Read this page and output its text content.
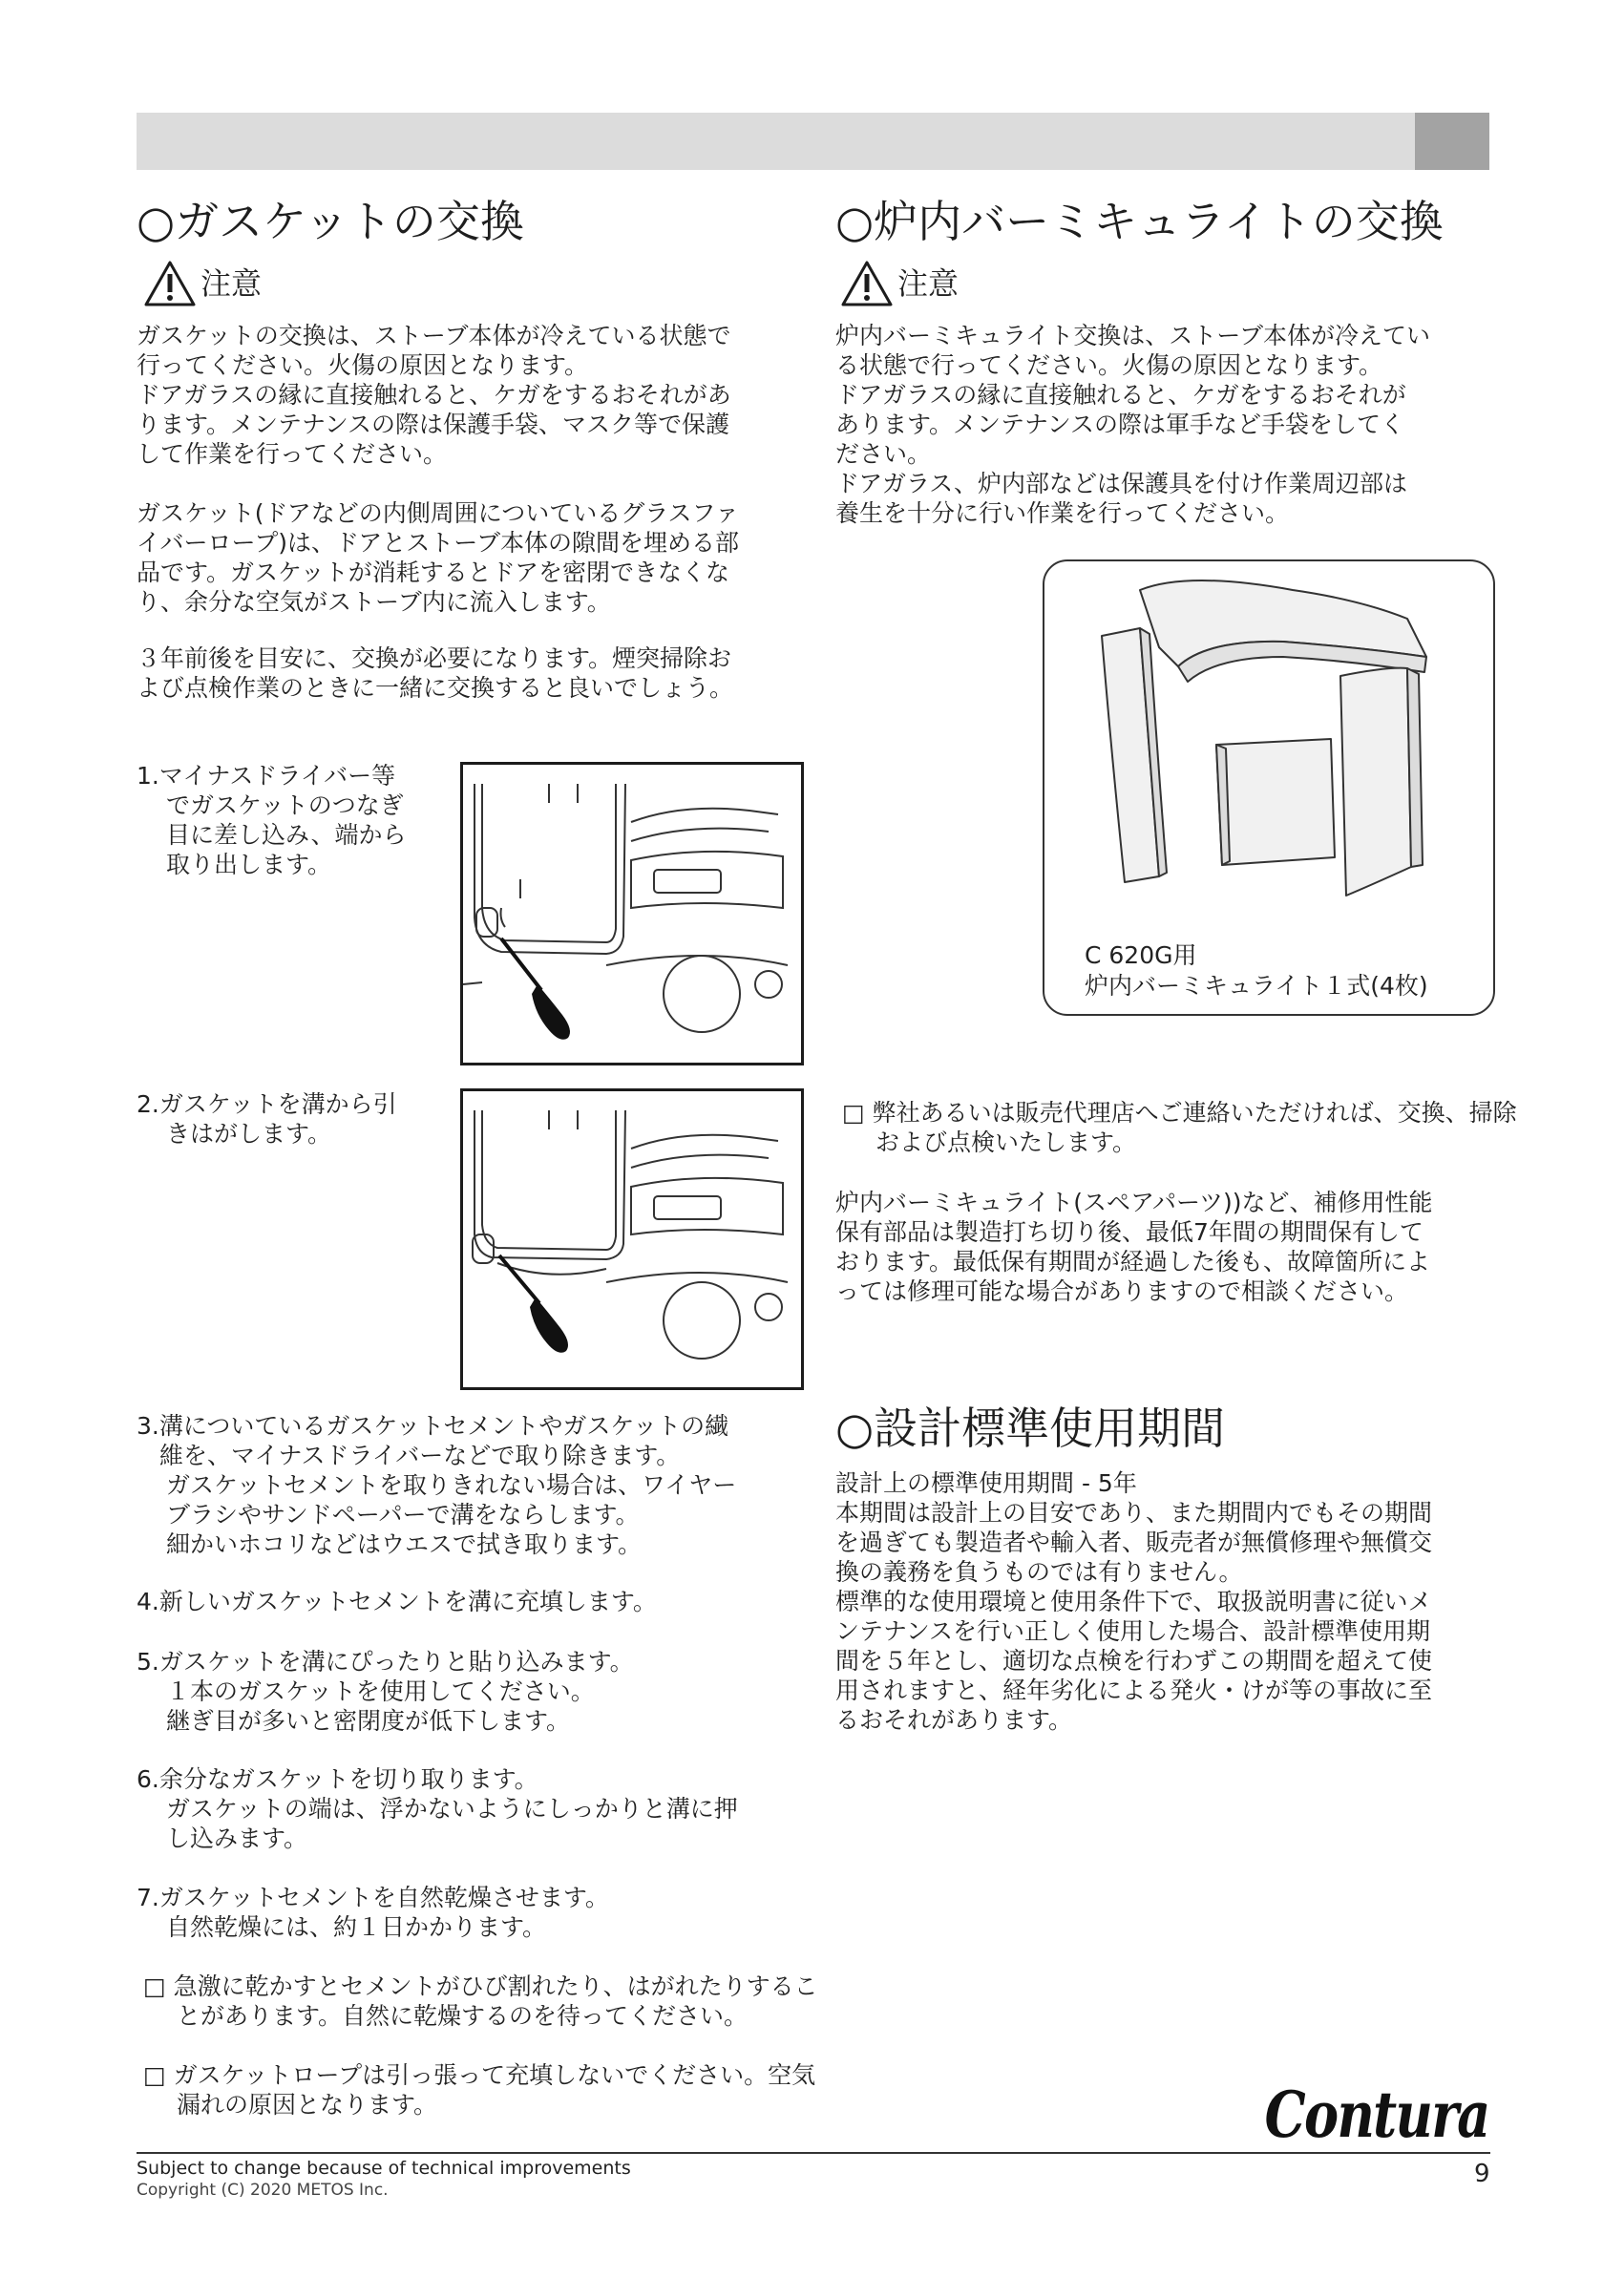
○ガスケットの交換
注意
ガスケットの交換は、ストーブ本体が冷えている状態で
行ってください。火傷の原因となります。
ドアガラスの縁に直接触れると、ケガをするおそれがあ
ります。メンテナンスの際は保護手袋、マスク等で保護
して作業を行ってください。
ガスケット(ドアなどの内側周囲についているグラスファ
イバーロープ)は、ドアとストーブ本体の隙間を埋める部
品です。ガスケットが消耗するとドアを密閉できなくな
り、余分な空気がストーブ内に流入します。
３年前後を目安に、交換が必要になります。煙突掃除お
よび点検作業のときに一緒に交換すると良いでしょう。
1.マイナスドライバー等
でガスケットのつなぎ
目に差し込み、端から
取り出します。
2.ガスケットを溝から引
きはがします。
3.溝についているガスケットセメントやガスケットの繊
維を、マイナスドライバーなどで取り除きます。
ガスケットセメントを取りきれない場合は、ワイヤー
ブラシやサンドペーパーで溝をならします。
細かいホコリなどはウエスで拭き取ります。
4.新しいガスケットセメントを溝に充填します。
5.ガスケットを溝にぴったりと貼り込みます。
１本のガスケットを使用してください。
継ぎ目が多いと密閉度が低下します。
6.余分なガスケットを切り取ります。
ガスケットの端は、浮かないようにしっかりと溝に押
し込みます。
7.ガスケットセメントを自然乾燥させます。
自然乾燥には、約１日かかります。
□ 急激に乾かすとセメントがひび割れたり、はがれたりすることがあります。自然に乾燥するのを待ってください。
□ ガスケットロープは引っ張って充填しないでください。空気漏れの原因となります。
○炉内バーミキュライトの交換
注意
炉内バーミキュライト交換は、ストーブ本体が冷えてい
る状態で行ってください。火傷の原因となります。
ドアガラスの縁に直接触れると、ケガをするおそれが
あります。メンテナンスの際は軍手など手袋をしてく
ださい。
ドアガラス、炉内部などは保護具を付け作業周辺部は
養生を十分に行い作業を行ってください。
C 620G用
炉内バーミキュライト１式(4枚)
□ 弊社あるいは販売代理店へご連絡いただければ、交換、掃除および点検いたします。
炉内バーミキュライト(スペアパーツ))など、補修用性能
保有部品は製造打ち切り後、最低7年間の期間保有して
おります。最低保有期間が経過した後も、故障箇所によ
っては修理可能な場合がありますので相談ください。
○設計標準使用期間
設計上の標準使用期間 - 5年
本期間は設計上の目安であり、また期間内でもその期間
を過ぎても製造者や輸入者、販売者が無償修理や無償交
換の義務を負うものでは有りません。
標準的な使用環境と使用条件下で、取扱説明書に従いメ
ンテナンスを行い正しく使用した場合、設計標準使用期
間を５年とし、適切な点検を行わずこの期間を超えて使
用されますと、経年劣化による発火・けが等の事故に至
るおそれがあります。
Contura
Subject to change because of technical improvements
Copyright (C) 2020 METOS Inc.
9
